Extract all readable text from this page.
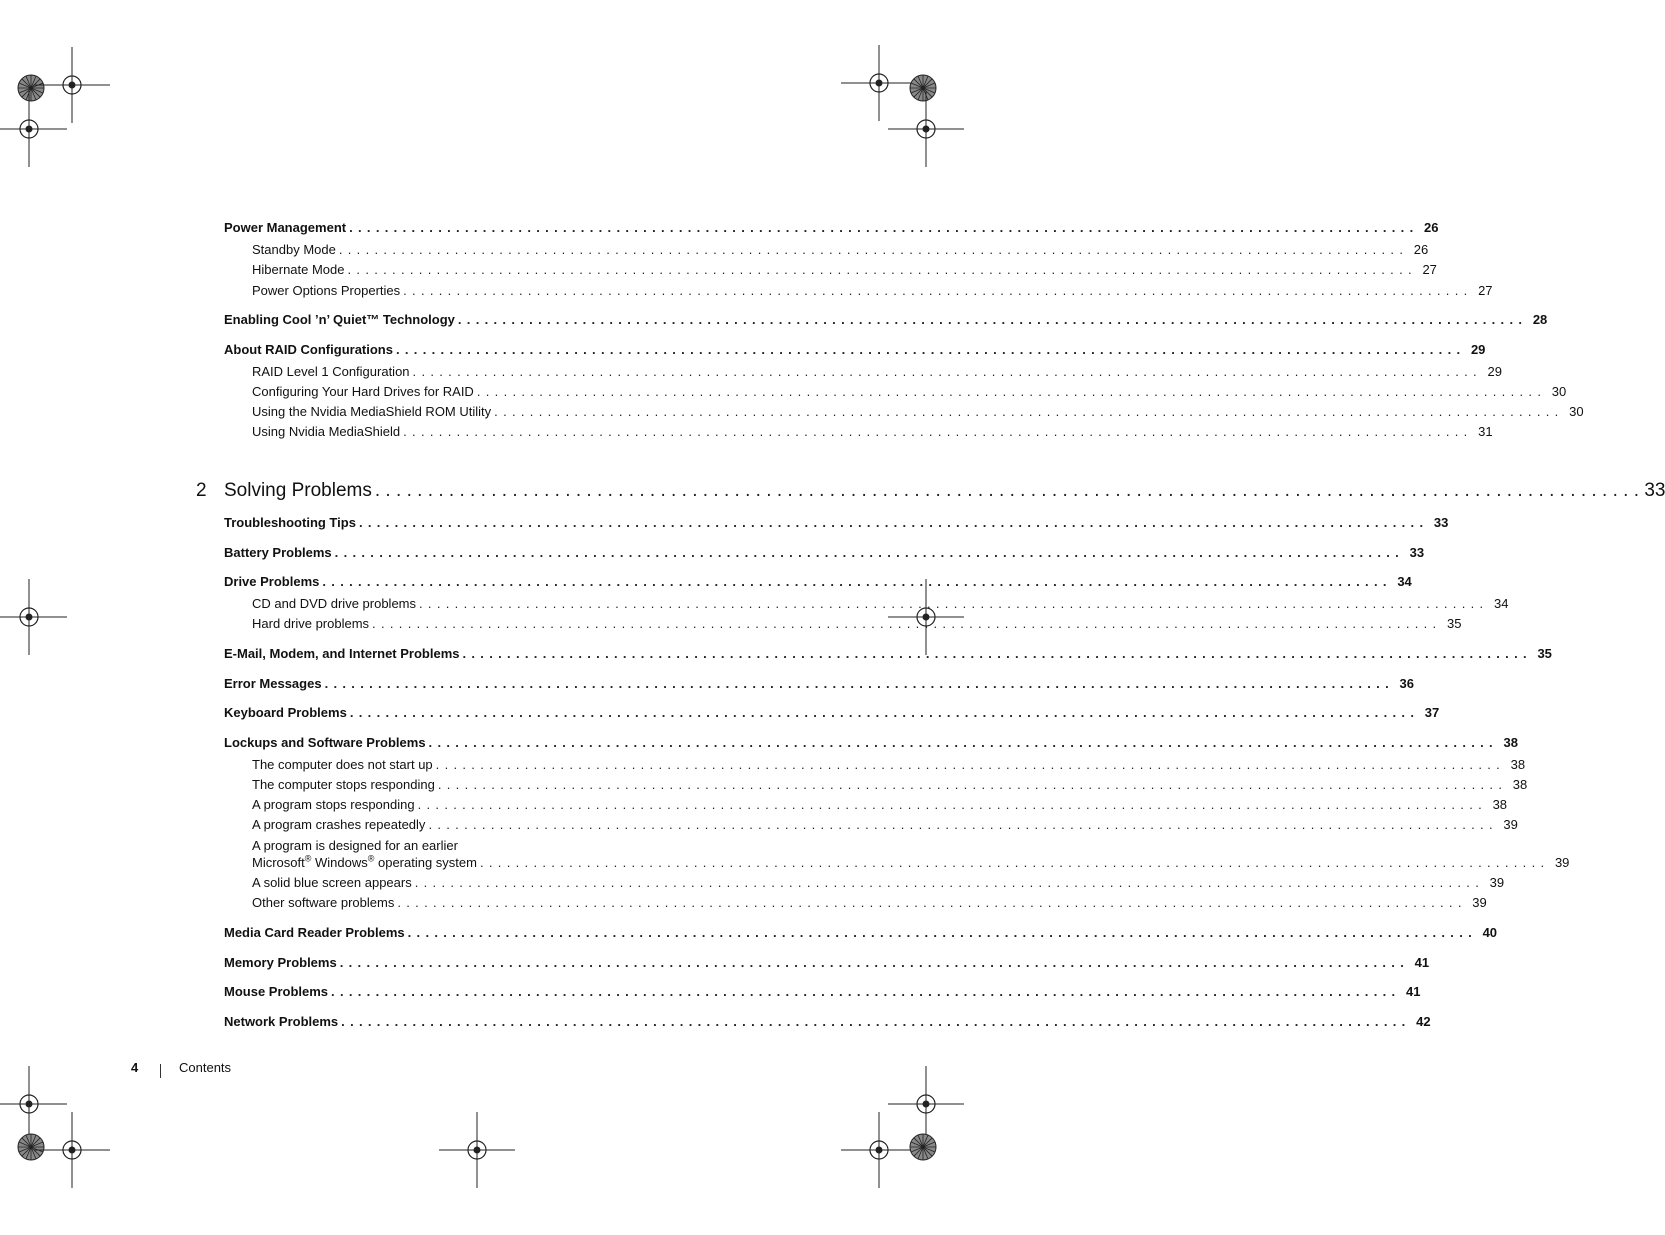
Power Management ........................................................................................................................ 26
Standby Mode ........................................................................................................................ 26
Hibernate Mode ........................................................................................................................ 27
Power Options Properties ........................................................................................................................ 27
Enabling Cool ’n’ Quiet™ Technology ........................................................................................................................ 28
About RAID Configurations ........................................................................................................................ 29
RAID Level 1 Configuration ........................................................................................................................ 29
Configuring Your Hard Drives for RAID ........................................................................................................................ 30
Using the Nvidia MediaShield ROM Utility ........................................................................................................................ 30
Using Nvidia MediaShield ........................................................................................................................ 31
2 Solving Problems ........................................................................................................................ 33
Troubleshooting Tips ........................................................................................................................ 33
Battery Problems ........................................................................................................................ 33
Drive Problems ........................................................................................................................ 34
CD and DVD drive problems ........................................................................................................................ 34
Hard drive problems ........................................................................................................................ 35
E-Mail, Modem, and Internet Problems ........................................................................................................................ 35
Error Messages ........................................................................................................................ 36
Keyboard Problems ........................................................................................................................ 37
Lockups and Software Problems ........................................................................................................................ 38
The computer does not start up ........................................................................................................................ 38
The computer stops responding ........................................................................................................................ 38
A program stops responding ........................................................................................................................ 38
A program crashes repeatedly ........................................................................................................................ 39
A program is designed for an earlier
Microsoft® Windows® operating system ........................................................................................................................ 39
A solid blue screen appears ........................................................................................................................ 39
Other software problems ........................................................................................................................ 39
Media Card Reader Problems ........................................................................................................................ 40
Memory Problems ........................................................................................................................ 41
Mouse Problems ........................................................................................................................ 41
Network Problems ........................................................................................................................ 42
4	Contents
